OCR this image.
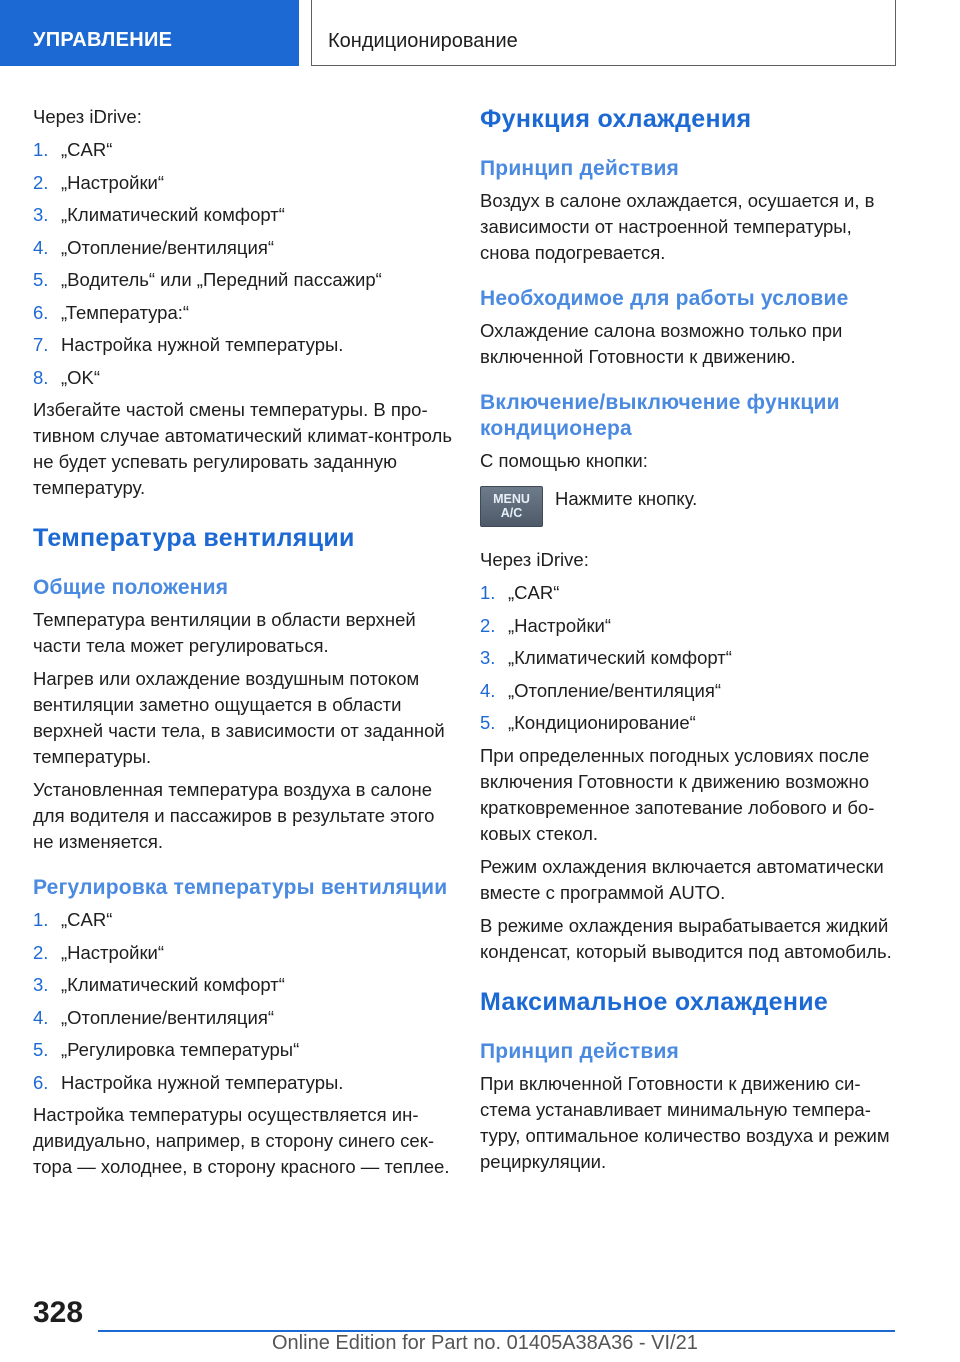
УПРАВЛЕНИЕ	Кондиционирование

Через iDrive:

1. „CAR“
2. „Настройки“
3. „Климатический комфорт“
4. „Отопление/вентиляция“
5. „Водитель“ или „Передний пассажир“
6. „Температура:“
7. Настройка нужной температуры.
8. „OK“

Избегайте частой смены температуры. В противном случае автоматический климат-контроль не будет успевать регулировать заданную температуру.

Температура вентиляции
Общие положения

Температура вентиляции в области верхней части тела может регулироваться.

Нагрев или охлаждение воздушным потоком вентиляции заметно ощущается в области верхней части тела, в зависимости от заданной температуры.

Установленная температура воздуха в салоне для водителя и пассажиров в результате этого не изменяется.

Регулировка температуры вентиляции
1. „CAR“
2. „Настройки“
3. „Климатический комфорт“
4. „Отопление/вентиляция“
5. „Регулировка температуры“
6. Настройка нужной температуры.

Настройка температуры осуществляется индивидуально, например, в сторону синего сектора — холоднее, в сторону красного — теплее.

Функция охлаждения
Принцип действия

Воздух в салоне охлаждается, осушается и, в зависимости от настроенной температуры, снова подогревается.

Необходимое для работы условие

Охлаждение салона возможно только при включенной Готовности к движению.

Включение/выключение функции кондиционера

С помощью кнопки:

MENU
A/C

Нажмите кнопку.

Через iDrive:

1. „CAR“
2. „Настройки“
3. „Климатический комфорт“
4. „Отопление/вентиляция“
5. „Кондиционирование“

При определенных погодных условиях после включения Готовности к движению возможно кратковременное запотевание лобового и боковых стекол.

Режим охлаждения включается автоматически вместе с программой AUTO.

В режиме охлаждения вырабатывается жидкий конденсат, который выводится под автомобиль.

Максимальное охлаждение
Принцип действия

При включенной Готовности к движению система устанавливает минимальную температуру, оптимальное количество воздуха и режим рециркуляции.

328
Online Edition for Part no. 01405A38A36 - VI/21
